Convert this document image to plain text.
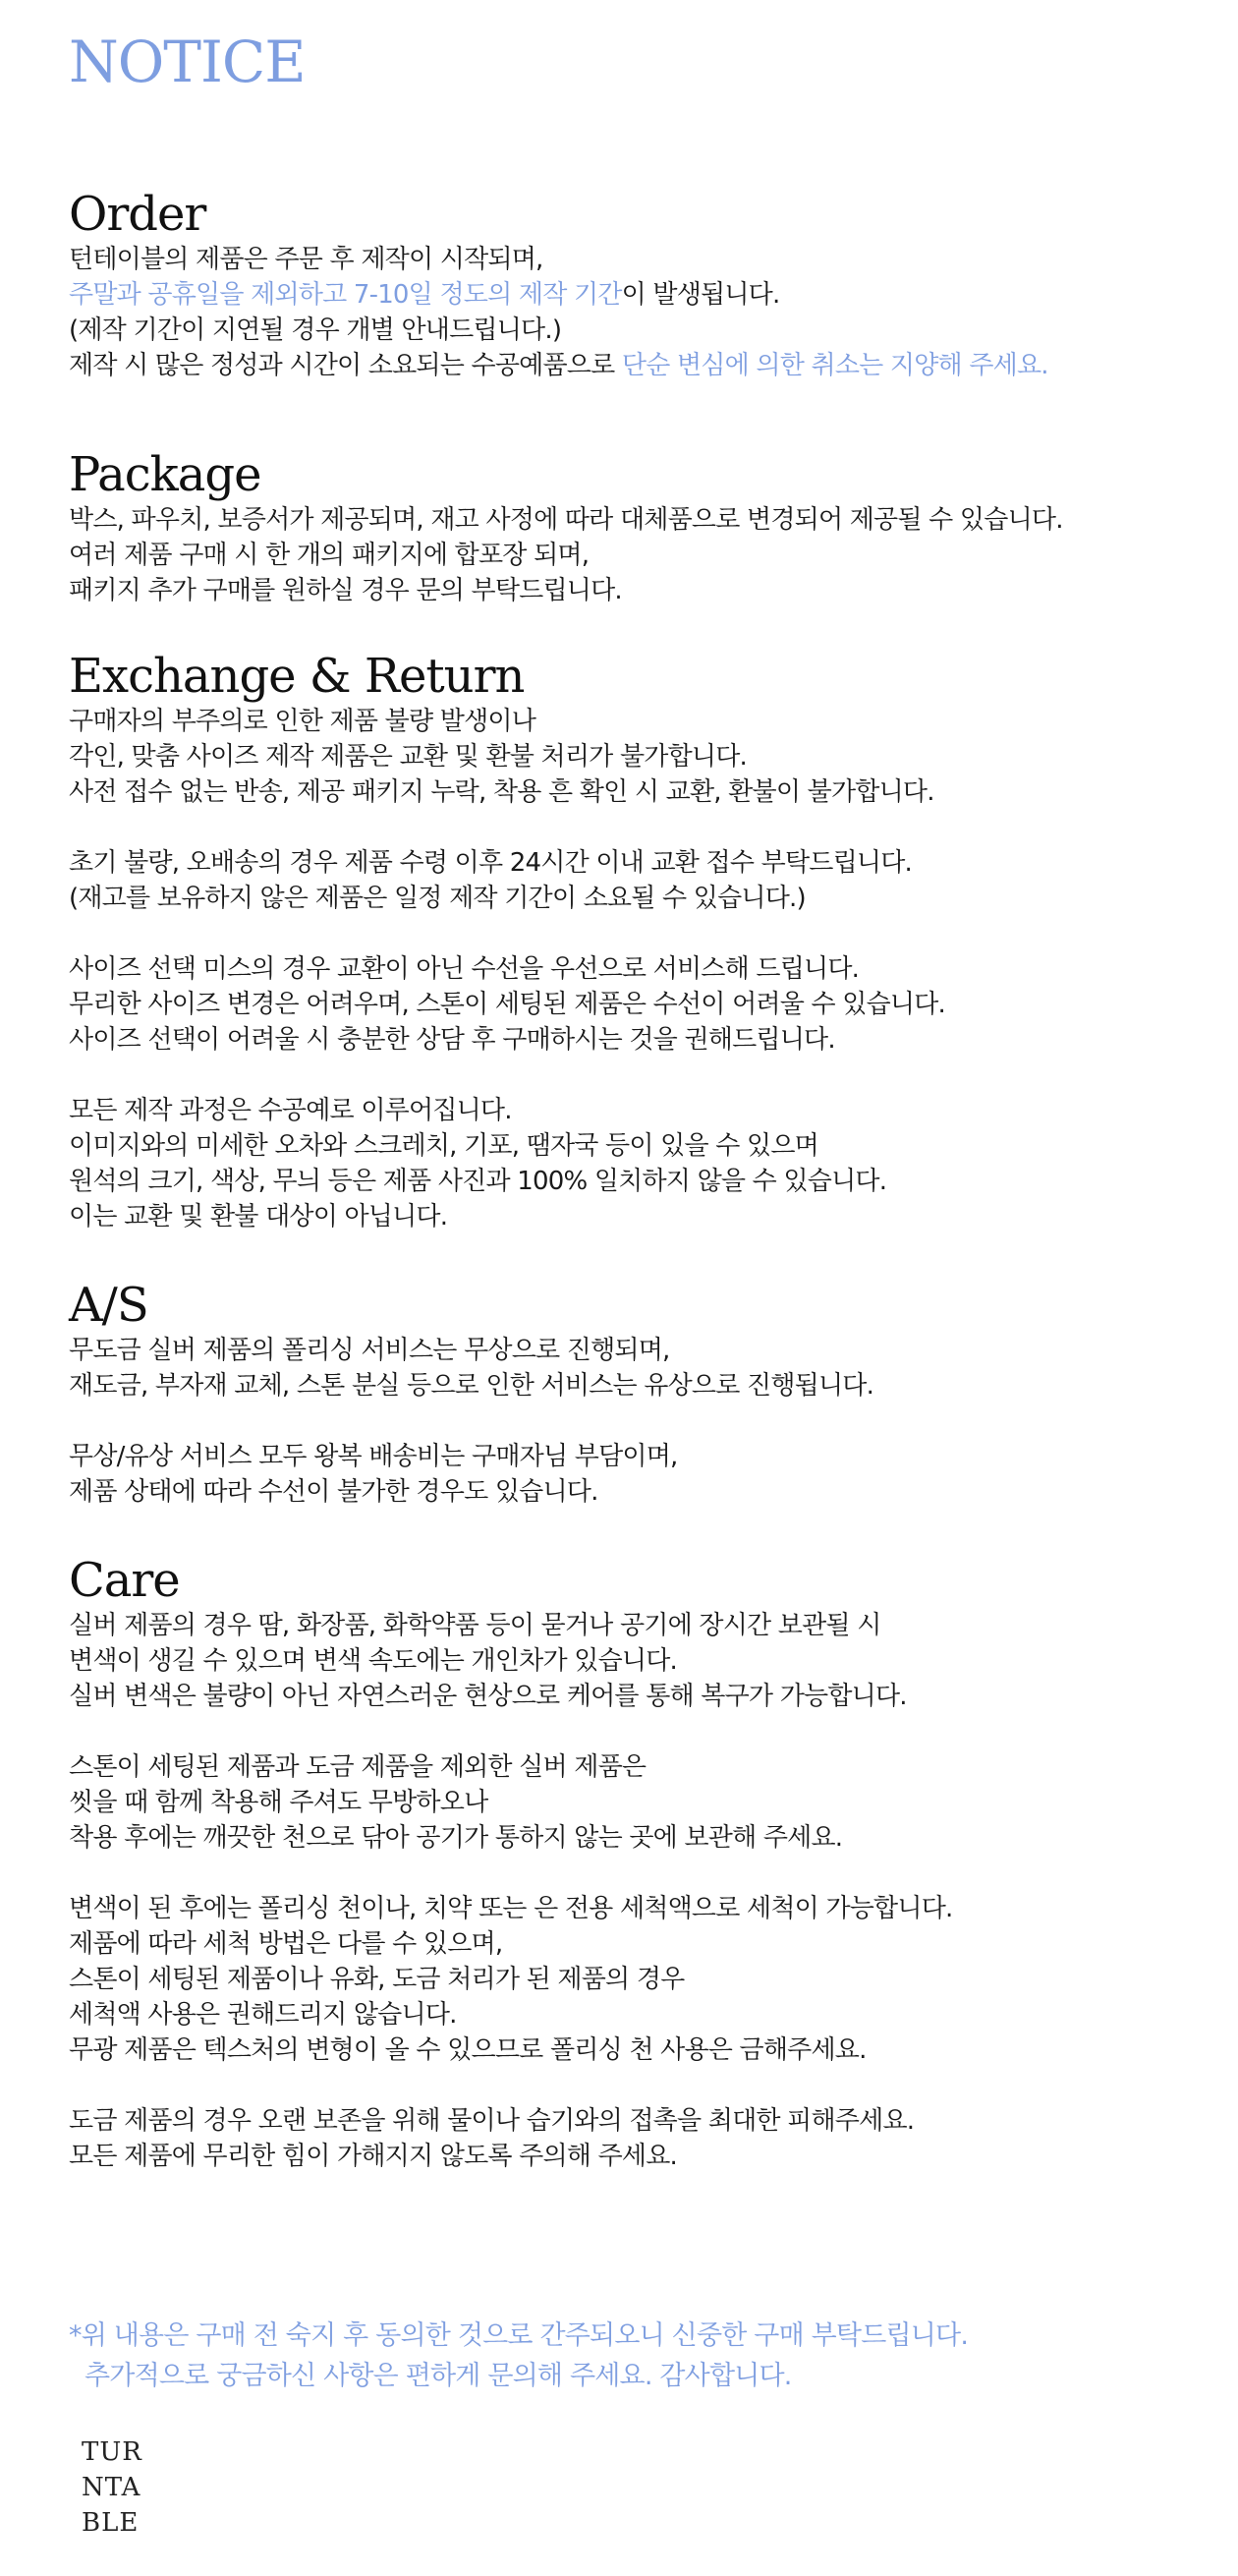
NOTICE
Order
턴테이블의 제품은 주문 후 제작이 시작되며,
주말과 공휴일을 제외하고 7-10일 정도의 제작 기간이 발생됩니다.
(제작 기간이 지연될 경우 개별 안내드립니다.)
제작 시 많은 정성과 시간이 소요되는 수공예품으로 단순 변심에 의한 취소는 지양해 주세요.
Package
박스, 파우치, 보증서가 제공되며, 재고 사정에 따라 대체품으로 변경되어 제공될 수 있습니다.
여러 제품 구매 시 한 개의 패키지에 합포장 되며,
패키지 추가 구매를 원하실 경우 문의 부탁드립니다.
Exchange & Return
구매자의 부주의로 인한 제품 불량 발생이나
각인, 맞춤 사이즈 제작 제품은 교환 및 환불 처리가 불가합니다.
사전 접수 없는 반송, 제공 패키지 누락, 착용 흔 확인 시 교환, 환불이 불가합니다.
초기 불량, 오배송의 경우 제품 수령 이후 24시간 이내 교환 접수 부탁드립니다.
(재고를 보유하지 않은 제품은 일정 제작 기간이 소요될 수 있습니다.)
사이즈 선택 미스의 경우 교환이 아닌 수선을 우선으로 서비스해 드립니다.
무리한 사이즈 변경은 어려우며, 스톤이 세팅된 제품은 수선이 어려울 수 있습니다.
사이즈 선택이 어려울 시 충분한 상담 후 구매하시는 것을 권해드립니다.
모든 제작 과정은 수공예로 이루어집니다.
이미지와의 미세한 오차와 스크레치, 기포, 땜자국 등이 있을 수 있으며
원석의 크기, 색상, 무늬 등은 제품 사진과 100% 일치하지 않을 수 있습니다.
이는 교환 및 환불 대상이 아닙니다.
A/S
무도금 실버 제품의 폴리싱 서비스는 무상으로 진행되며,
재도금, 부자재 교체, 스톤 분실 등으로 인한 서비스는 유상으로 진행됩니다.
무상/유상 서비스 모두 왕복 배송비는 구매자님 부담이며,
제품 상태에 따라 수선이 불가한 경우도 있습니다.
Care
실버 제품의 경우 땀, 화장품, 화학약품 등이 묻거나 공기에 장시간 보관될 시
변색이 생길 수 있으며 변색 속도에는 개인차가 있습니다.
실버 변색은 불량이 아닌 자연스러운 현상으로 케어를 통해 복구가 가능합니다.
스톤이 세팅된 제품과 도금 제품을 제외한 실버 제품은
씻을 때 함께 착용해 주셔도 무방하오나
착용 후에는 깨끗한 천으로 닦아 공기가 통하지 않는 곳에 보관해 주세요.
변색이 된 후에는 폴리싱 천이나, 치약 또는 은 전용 세척액으로 세척이 가능합니다.
제품에 따라 세척 방법은 다를 수 있으며,
스톤이 세팅된 제품이나 유화, 도금 처리가 된 제품의 경우
세척액 사용은 권해드리지 않습니다.
무광 제품은 텍스처의 변형이 올 수 있으므로 폴리싱 천 사용은 금해주세요.
도금 제품의 경우 오랜 보존을 위해 물이나 습기와의 접촉을 최대한 피해주세요.
모든 제품에 무리한 힘이 가해지지 않도록 주의해 주세요.
*위 내용은 구매 전 숙지 후 동의한 것으로 간주되오니 신중한 구매 부탁드립니다.
추가적으로 궁금하신 사항은 편하게 문의해 주세요. 감사합니다.
TUR
NTA
BLE
